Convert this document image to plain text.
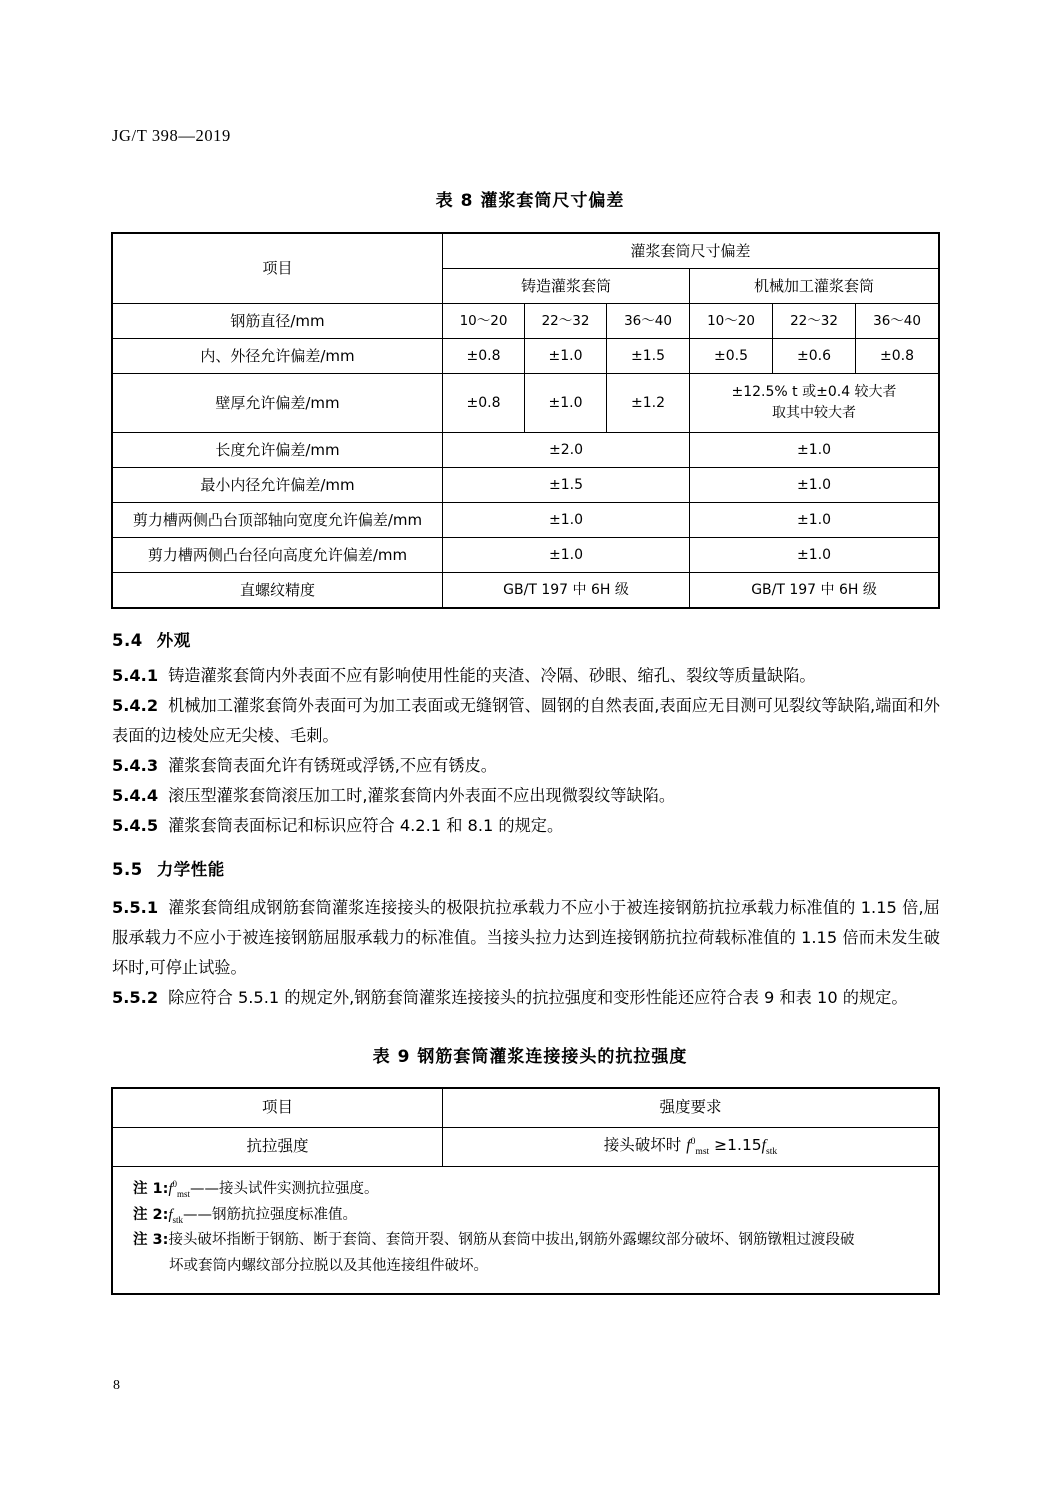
JG/T 398—2019
表 8 灌浆套筒尺寸偏差
项目	灌浆套筒尺寸偏差					
	铸造灌浆套筒			机械加工灌浆套筒		
钢筋直径/mm	10～20	22～32	36～40	10～20	22～32	36～40
内、外径允许偏差/mm	±0.8	±1.0	±1.5	±0.5	±0.6	±0.8
壁厚允许偏差/mm	±0.8	±1.0	±1.2	±12.5% t 或±0.4 较大者
取其中较大者		

长度允许偏差/mm	±2.0			±1.0		
最小内径允许偏差/mm	±1.5			±1.0		
剪力槽两侧凸台顶部轴向宽度允许偏差/mm	±1.0			±1.0		
剪力槽两侧凸台径向高度允许偏差/mm	±1.0			±1.0		
直螺纹精度	GB/T 197 中 6H 级			GB/T 197 中 6H 级		
5.4 外观
5.4.1 铸造灌浆套筒内外表面不应有影响使用性能的夹渣、冷隔、砂眼、缩孔、裂纹等质量缺陷。
5.4.2 机械加工灌浆套筒外表面可为加工表面或无缝钢管、圆钢的自然表面,表面应无目测可见裂纹等缺陷,端面和外表面的边棱处应无尖棱、毛刺。
5.4.3 灌浆套筒表面允许有锈斑或浮锈,不应有锈皮。
5.4.4 滚压型灌浆套筒滚压加工时,灌浆套筒内外表面不应出现微裂纹等缺陷。
5.4.5 灌浆套筒表面标记和标识应符合 4.2.1 和 8.1 的规定。
5.5 力学性能
5.5.1 灌浆套筒组成钢筋套筒灌浆连接接头的极限抗拉承载力不应小于被连接钢筋抗拉承载力标准值的 1.15 倍,屈服承载力不应小于被连接钢筋屈服承载力的标准值。当接头拉力达到连接钢筋抗拉荷载标准值的 1.15 倍而未发生破坏时,可停止试验。
5.5.2 除应符合 5.5.1 的规定外,钢筋套筒灌浆连接接头的抗拉强度和变形性能还应符合表 9 和表 10 的规定。
表 9 钢筋套筒灌浆连接接头的抗拉强度
项目	强度要求
抗拉强度	接头破坏时 $f^0_{mst} \ge 1.15f_{stk}$

注 $1:f^0_{mst}——$接头试件实测抗拉强度。
注 $2:f_{stk}——$钢筋抗拉强度标准值。
注 3:接头破坏指断于钢筋、断于套筒、套筒开裂、钢筋从套筒中拔出,钢筋外露螺纹部分破坏、钢筋镦粗过渡段破
坏或套筒内螺纹部分拉脱以及其他连接组件破坏。	
8
